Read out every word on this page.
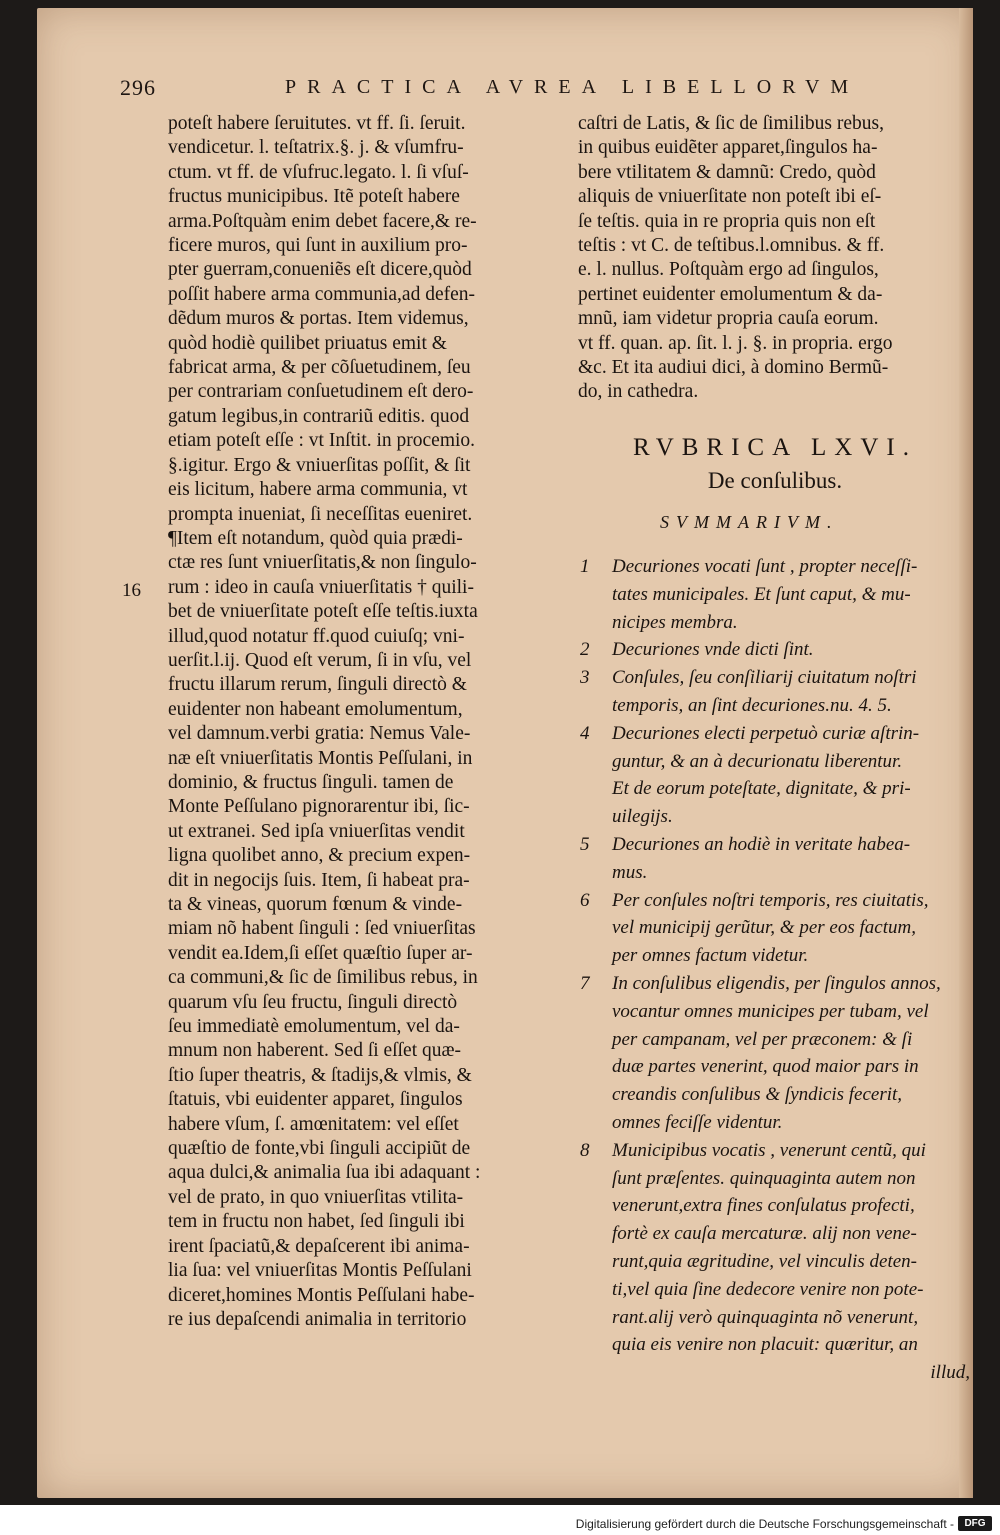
296	PRACTICA AVREA LIBELLORVM
poteſt habere ſeruitutes. vt ff. ſi. ſeruit.
vendicetur. l. teſtatrix.§. j. & vſumfru-
ctum. vt ff. de vſufruc.legato. l. ſi vſuſ-
fructus municipibus. Itẽ poteſt habere
arma.Poſtquàm enim debet facere,& re-
ficere muros, qui ſunt in auxilium pro-
pter guerram,conueniẽs eſt dicere,quòd
poſſit habere arma communia,ad defen-
dẽdum muros & portas. Item videmus,
quòd hodiè quilibet priuatus emit &
fabricat arma, & per cõſuetudinem, ſeu
per contrariam conſuetudinem eſt dero-
gatum legibus,in contrariũ editis. quod
etiam poteſt eſſe : vt Inſtit. in procemio.
§.igitur. Ergo & vniuerſitas poſſit, & ſit
eis licitum, habere arma communia, vt
prompta inueniat, ſi neceſſitas eueniret.
¶Item eſt notandum, quòd quia prædi-
ctæ res ſunt vniuerſitatis,& non ſingulo-
rum : ideo in cauſa vniuerſitatis † quili-
bet de vniuerſitate poteſt eſſe teſtis.iuxta
illud,quod notatur ff.quod cuiuſq; vni-
uerſit.l.ij. Quod eſt verum, ſi in vſu, vel
fructu illarum rerum, ſinguli directò &
euidenter non habeant emolumentum,
vel damnum.verbi gratia: Nemus Vale-
næ eſt vniuerſitatis Montis Peſſulani, in
dominio, & fructus ſinguli. tamen de
Monte Peſſulano pignorarentur ibi, ſic-
ut extranei. Sed ipſa vniuerſitas vendit
ligna quolibet anno, & precium expen-
dit in negocijs ſuis. Item, ſi habeat pra-
ta & vineas, quorum fœnum & vinde-
miam nõ habent ſinguli : ſed vniuerſitas
vendit ea.Idem,ſi eſſet quæſtio ſuper ar-
ca communi,& ſic de ſimilibus rebus, in
quarum vſu ſeu fructu, ſinguli directò
ſeu immediatè emolumentum, vel da-
mnum non haberent. Sed ſi eſſet quæ-
ſtio ſuper theatris, & ſtadijs,& vlmis, &
ſtatuis, vbi euidenter apparet, ſingulos
habere vſum, ſ. amœnitatem: vel eſſet
quæſtio de fonte,vbi ſinguli accipiũt de
aqua dulci,& animalia ſua ibi adaquant :
vel de prato, in quo vniuerſitas vtilita-
tem in fructu non habet, ſed ſinguli ibi
irent ſpaciatũ,& depaſcerent ibi anima-
lia ſua: vel vniuerſitas Montis Peſſulani
diceret,homines Montis Peſſulani habe-
re ius depaſcendi animalia in territorio
16
caſtri de Latis, & ſic de ſimilibus rebus,
in quibus euidẽter apparet,ſingulos ha-
bere vtilitatem & damnũ: Credo, quòd
aliquis de vniuerſitate non poteſt ibi eſ-
ſe teſtis. quia in re propria quis non eſt
teſtis : vt C. de teſtibus.l.omnibus. & ff.
e. l. nullus. Poſtquàm ergo ad ſingulos,
pertinet euidenter emolumentum & da-
mnũ, iam videtur propria cauſa eorum.
vt ff. quan. ap. ſit. l. j. §. in propria. ergo
&c. Et ita audiui dici, à domino Bermũ-
do, in cathedra.
RVBRICA LXVI.
De conſulibus.
SVMMARIVM.
1 Decuriones vocati ſunt , propter neceſſi-
tates municipales. Et ſunt caput, & mu-
nicipes membra.
2 Decuriones vnde dicti ſint.
3 Conſules, ſeu conſiliarij ciuitatum noſtri
temporis, an ſint decuriones.nu. 4. 5.
4 Decuriones electi perpetuò curiæ aſtrin-
guntur, & an à decurionatu liberentur.
Et de eorum poteſtate, dignitate, & pri-
uilegijs.
5 Decuriones an hodiè in veritate habea-
mus.
6 Per conſules noſtri temporis, res ciuitatis,
vel municipij gerũtur, & per eos factum,
per omnes factum videtur.
7 In conſulibus eligendis, per ſingulos annos,
vocantur omnes municipes per tubam, vel
per campanam, vel per præconem: & ſi
duæ partes venerint, quod maior pars in
creandis conſulibus & ſyndicis fecerit,
omnes feciſſe videntur.
8 Municipibus vocatis , venerunt centũ, qui
ſunt præſentes. quinquaginta autem non
venerunt,extra fines conſulatus profecti,
fortè ex cauſa mercaturæ. alij non vene-
runt,quia ægritudine, vel vinculis deten-
ti,vel quia ſine dedecore venire non pote-
rant.alij verò quinquaginta nõ venerunt,
quia eis venire non placuit: quæritur, an
illud,
Digitalisierung gefördert durch die Deutsche Forschungsgemeinschaft -	DFG
